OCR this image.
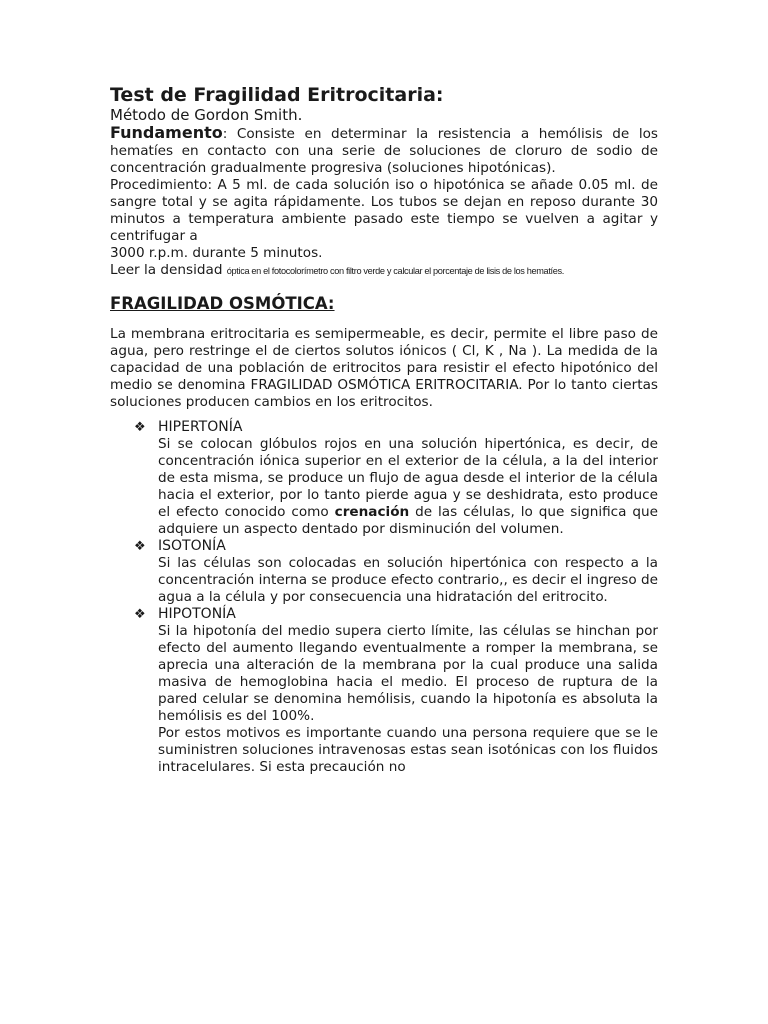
Test de Fragilidad Eritrocitaria:

Método de Gordon Smith.

Fundamento: Consiste en determinar la resistencia a hemólisis de los hematíes en contacto con una serie de soluciones de cloruro de sodio de concentración gradualmente progresiva (soluciones hipotónicas).

Procedimiento: A 5 ml. de cada solución iso o hipotónica se añade 0.05 ml. de sangre total y se agita rápidamente. Los tubos se dejan en reposo durante 30 minutos a temperatura ambiente pasado este tiempo se vuelven a agitar y centrifugar a

3000 r.p.m. durante 5 minutos.

Leer la densidad óptica en el fotocolorímetro con filtro verde y calcular el porcentaje de lisis de los hematíes.

FRAGILIDAD OSMÓTICA:

La membrana eritrocitaria es semipermeable, es decir, permite el libre paso de agua, pero restringe el de ciertos solutos iónicos ( Cl, K , Na ). La medida de la capacidad de una población de eritrocitos para resistir el efecto hipotónico del medio se denomina FRAGILIDAD OSMÓTICA ERITROCITARIA. Por lo tanto ciertas soluciones producen cambios en los eritrocitos.

❖ HIPERTONÍA

Si se colocan glóbulos rojos en una solución hipertónica, es decir, de concentración iónica superior en el exterior de la célula, a la del interior de esta misma, se produce un flujo de agua desde el interior de la célula hacia el exterior, por lo tanto pierde agua y se deshidrata, esto produce el efecto conocido como crenación de las células, lo que significa que adquiere un aspecto dentado por disminución del volumen.

❖ ISOTONÍA

Si las células son colocadas en solución hipertónica con respecto a la concentración interna se produce efecto contrario,, es decir el ingreso de agua a la célula y por consecuencia una hidratación del eritrocito.

❖ HIPOTONÍA

Si la hipotonía del medio supera cierto límite, las células se hinchan por efecto del aumento llegando eventualmente a romper la membrana, se aprecia una alteración de la membrana por la cual produce una salida masiva de hemoglobina hacia el medio. El proceso de ruptura de la pared celular se denomina hemólisis, cuando la hipotonía es absoluta la hemólisis es del 100%.

Por estos motivos es importante cuando una persona requiere que se le suministren soluciones intravenosas estas sean isotónicas con los fluidos intracelulares. Si esta precaución no
